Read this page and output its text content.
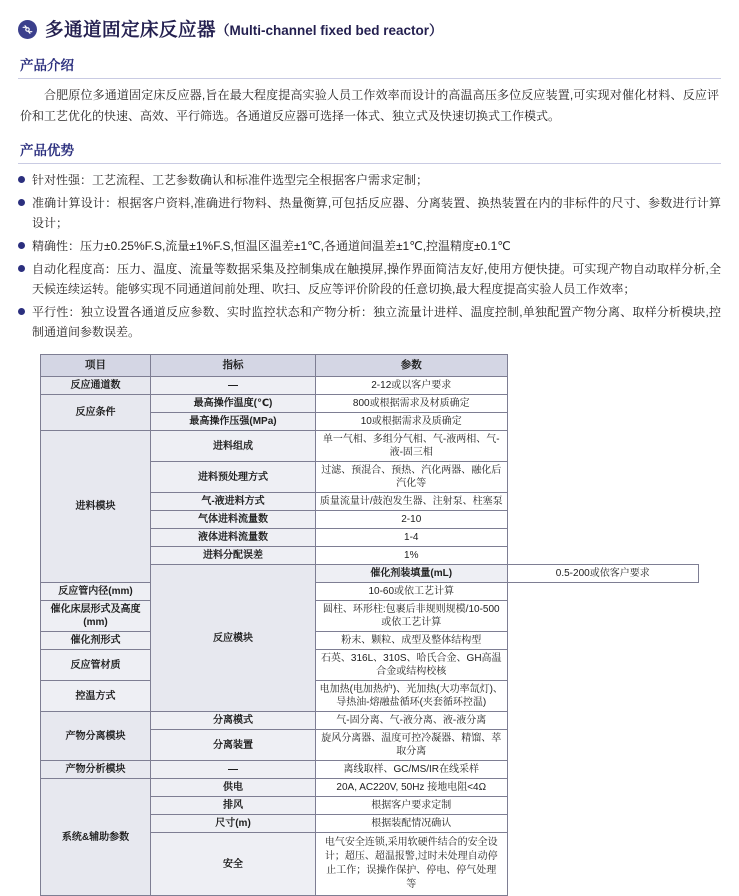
多通道固定床反应器 （Multi-channel fixed bed reactor）
产品介绍

合肥原位多通道固定床反应器,旨在最大程度提高实验人员工作效率而设计的高温高压多位反应装置,可实现对催化材料、反应评价和工艺优化的快速、高效、平行筛选。各通道反应器可选择一体式、独立式及快速切换式工作模式。

产品优势
针对性强：工艺流程、工艺参数确认和标准件选型完全根据客户需求定制；
准确计算设计：根据客户资料,准确进行物料、热量衡算,可包括反应器、分离装置、换热装置在内的非标件的尺寸、参数进行计算设计；
精确性：压力±0.25%F.S,流量±1%F.S,恒温区温差±1℃,各通道间温差±1℃,控温精度±0.1℃
自动化程度高：压力、温度、流量等数据采集及控制集成在触摸屏,操作界面简洁友好,使用方便快捷。可实现产物自动取样分析,全天候连续运转。能够实现不同通道间前处理、吹扫、反应等评价阶段的任意切换,最大程度提高实验人员工作效率；
平行性：独立设置各通道反应参数、实时监控状态和产物分析：独立流量计进样、温度控制,单独配置产物分离、取样分析模块,控制通道间参数误差。
项目	指标	参数	
反应通道数	—	2-12或以客户要求	
反应条件	最高操作温度(℃)	800或根据需求及材质确定	
	最高操作压强(MPa)	10或根据需求及质确定	
进料模块	进料组成	单一气相、多组分气相、气-液两相、气-液-固三相	
	进料预处理方式	过滤、预混合、预热、汽化两器、融化后汽化等	
	气-液进料方式	质量流量计/鼓泡发生器、注射泵、柱塞泵	
	气体进料流量数	2-10	
	液体进料流量数	1-4	
	进料分配误差	1%	
	反应模块	催化剂装填量(mL)	0.5-200或依客户要求
反应管内径(mm)		10-60或依工艺计算	
催化床层形式及高度(mm)		圆柱、环形柱:包裹后非规则规模/10-500或依工艺计算	
催化剂形式		粉末、颗粒、成型及整体结构型	
反应管材质		石英、316L、310S、哈氏合金、GH高温合金或结构校核	
控温方式		电加热(电加热炉)、光加热(大功率氙灯)、导热油-熔融盐循环(夹套循环控温)	
产物分离模块	分离模式	气-固分离、气-液分离、液-液分离	
	分离装置	旋风分离器、温度可控冷凝器、精馏、萃取分离	
产物分析模块	—	离线取样、GC/MS/IR在线采样	
系统&辅助参数	供电	20A, AC220V, 50Hz 接地电阻<4Ω	
	排风	根据客户要求定制	
	尺寸(m)	根据装配情况确认	
	安全	电气安全连锁,采用软硬件结合的安全设计；超压、超温报警,过时未处理自动停止工作；误操作保护、停电、停气处理等	
